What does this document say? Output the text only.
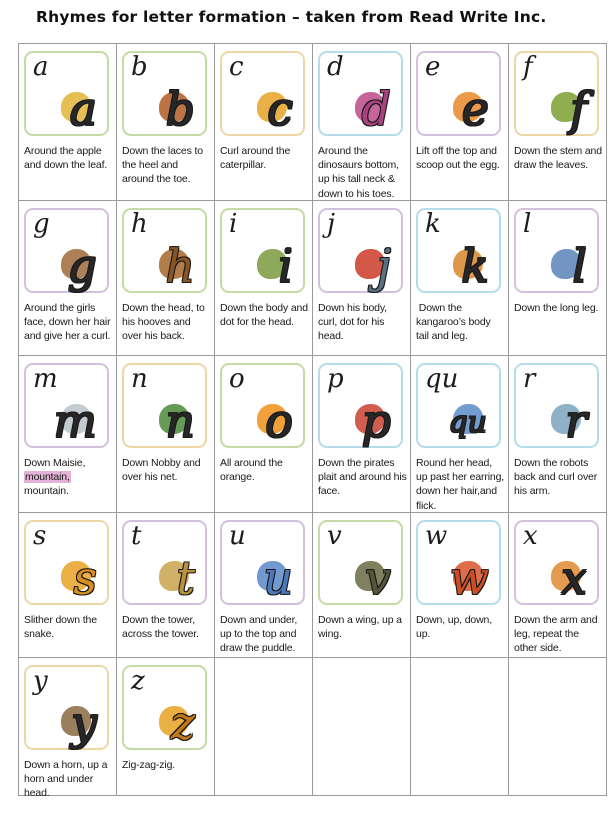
Rhymes for letter formation – taken from Read Write Inc.
a
a

Around the apple and down the leaf.

b
b

Down the laces to the heel and around the toe.

c
c

Curl around the caterpillar.

d
d

Around the dinosaurs bottom, up his tall neck & down to his toes.

e
e

Lift off the top and scoop out the egg.

f
f

Down the stem and draw the leaves.

g
g

Around the girls face, down her hair and give her a curl.

h
h

Down the head, to his hooves and over his back.

i
i

Down the body and dot for the head.

j
j

Down his body, curl, dot for his head.

k
k

Down the kangaroo’s body tail and leg.

l
l

Down the long leg.

m
m

Down Maisie, mountain, mountain.

n
n

Down Nobby and over his net.

o
o

All around the orange.

p
p

Down the pirates plait and around his face.

qu
qu

Round her head, up past her earring, down her hair,and flick.

r
r

Down the robots back and curl over his arm.

s
s

Slither down the snake.

t
t

Down the tower, across the tower.

u
u

Down and under, up to the top and draw the puddle.

v
v

Down a wing, up a wing.

w
w

Down, up, down, up.

x
x

Down the arm and leg, repeat the other side.

y
y

Down a horn, up a horn and under head.

z
z

Zig-zag-zig.
